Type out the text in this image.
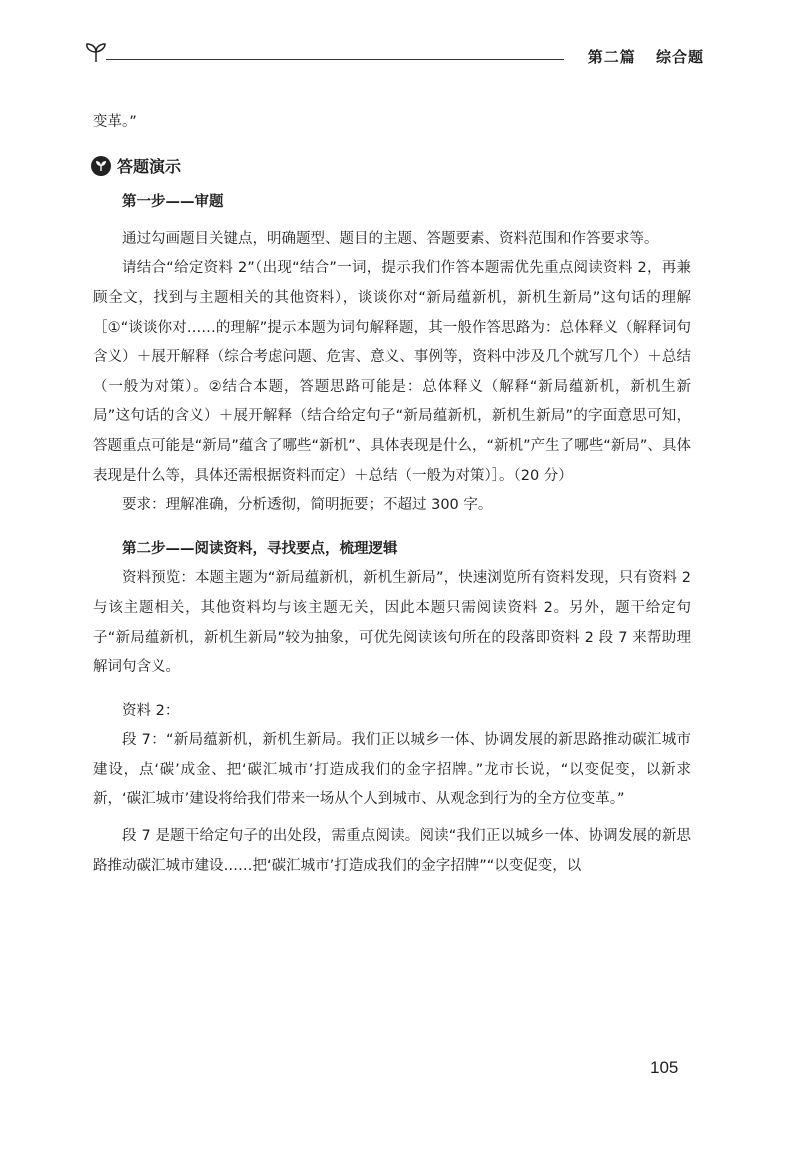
第二篇 综合题

变革。”

答题演示

第一步——审题

通过勾画题目关键点，明确题型、题目的主题、答题要素、资料范围和作答要求等。

请结合“给定资料 2”（出现“结合”一词，提示我们作答本题需优先重点阅读资料 2，再兼顾全文，找到与主题相关的其他资料），谈谈你对“新局蕴新机，新机生新局”这句话的理解［①“谈谈你对……的理解”提示本题为词句解释题，其一般作答思路为：总体释义（解释词句含义）＋展开解释（综合考虑问题、危害、意义、事例等，资料中涉及几个就写几个）＋总结（一般为对策）。②结合本题，答题思路可能是：总体释义（解释“新局蕴新机，新机生新局”这句话的含义）＋展开解释（结合给定句子“新局蕴新机，新机生新局”的字面意思可知，答题重点可能是“新局”蕴含了哪些“新机”、具体表现是什么，“新机”产生了哪些“新局”、具体表现是什么等，具体还需根据资料而定）＋总结（一般为对策）］。（20 分）

要求：理解准确，分析透彻，简明扼要；不超过 300 字。

第二步——阅读资料，寻找要点，梳理逻辑

资料预览：本题主题为“新局蕴新机，新机生新局”，快速浏览所有资料发现，只有资料 2 与该主题相关，其他资料均与该主题无关，因此本题只需阅读资料 2。另外，题干给定句子“新局蕴新机，新机生新局”较为抽象，可优先阅读该句所在的段落即资料 2 段 7 来帮助理解词句含义。

资料 2：

段 7：“新局蕴新机，新机生新局。我们正以城乡一体、协调发展的新思路推动碳汇城市建设，点‘碳’成金、把‘碳汇城市’打造成我们的金字招牌。”龙市长说，“以变促变，以新求新，‘碳汇城市’建设将给我们带来一场从个人到城市、从观念到行为的全方位变革。”

段 7 是题干给定句子的出处段，需重点阅读。阅读“我们正以城乡一体、协调发展的新思路推动碳汇城市建设……把‘碳汇城市’打造成我们的金字招牌”“以变促变，以

105
